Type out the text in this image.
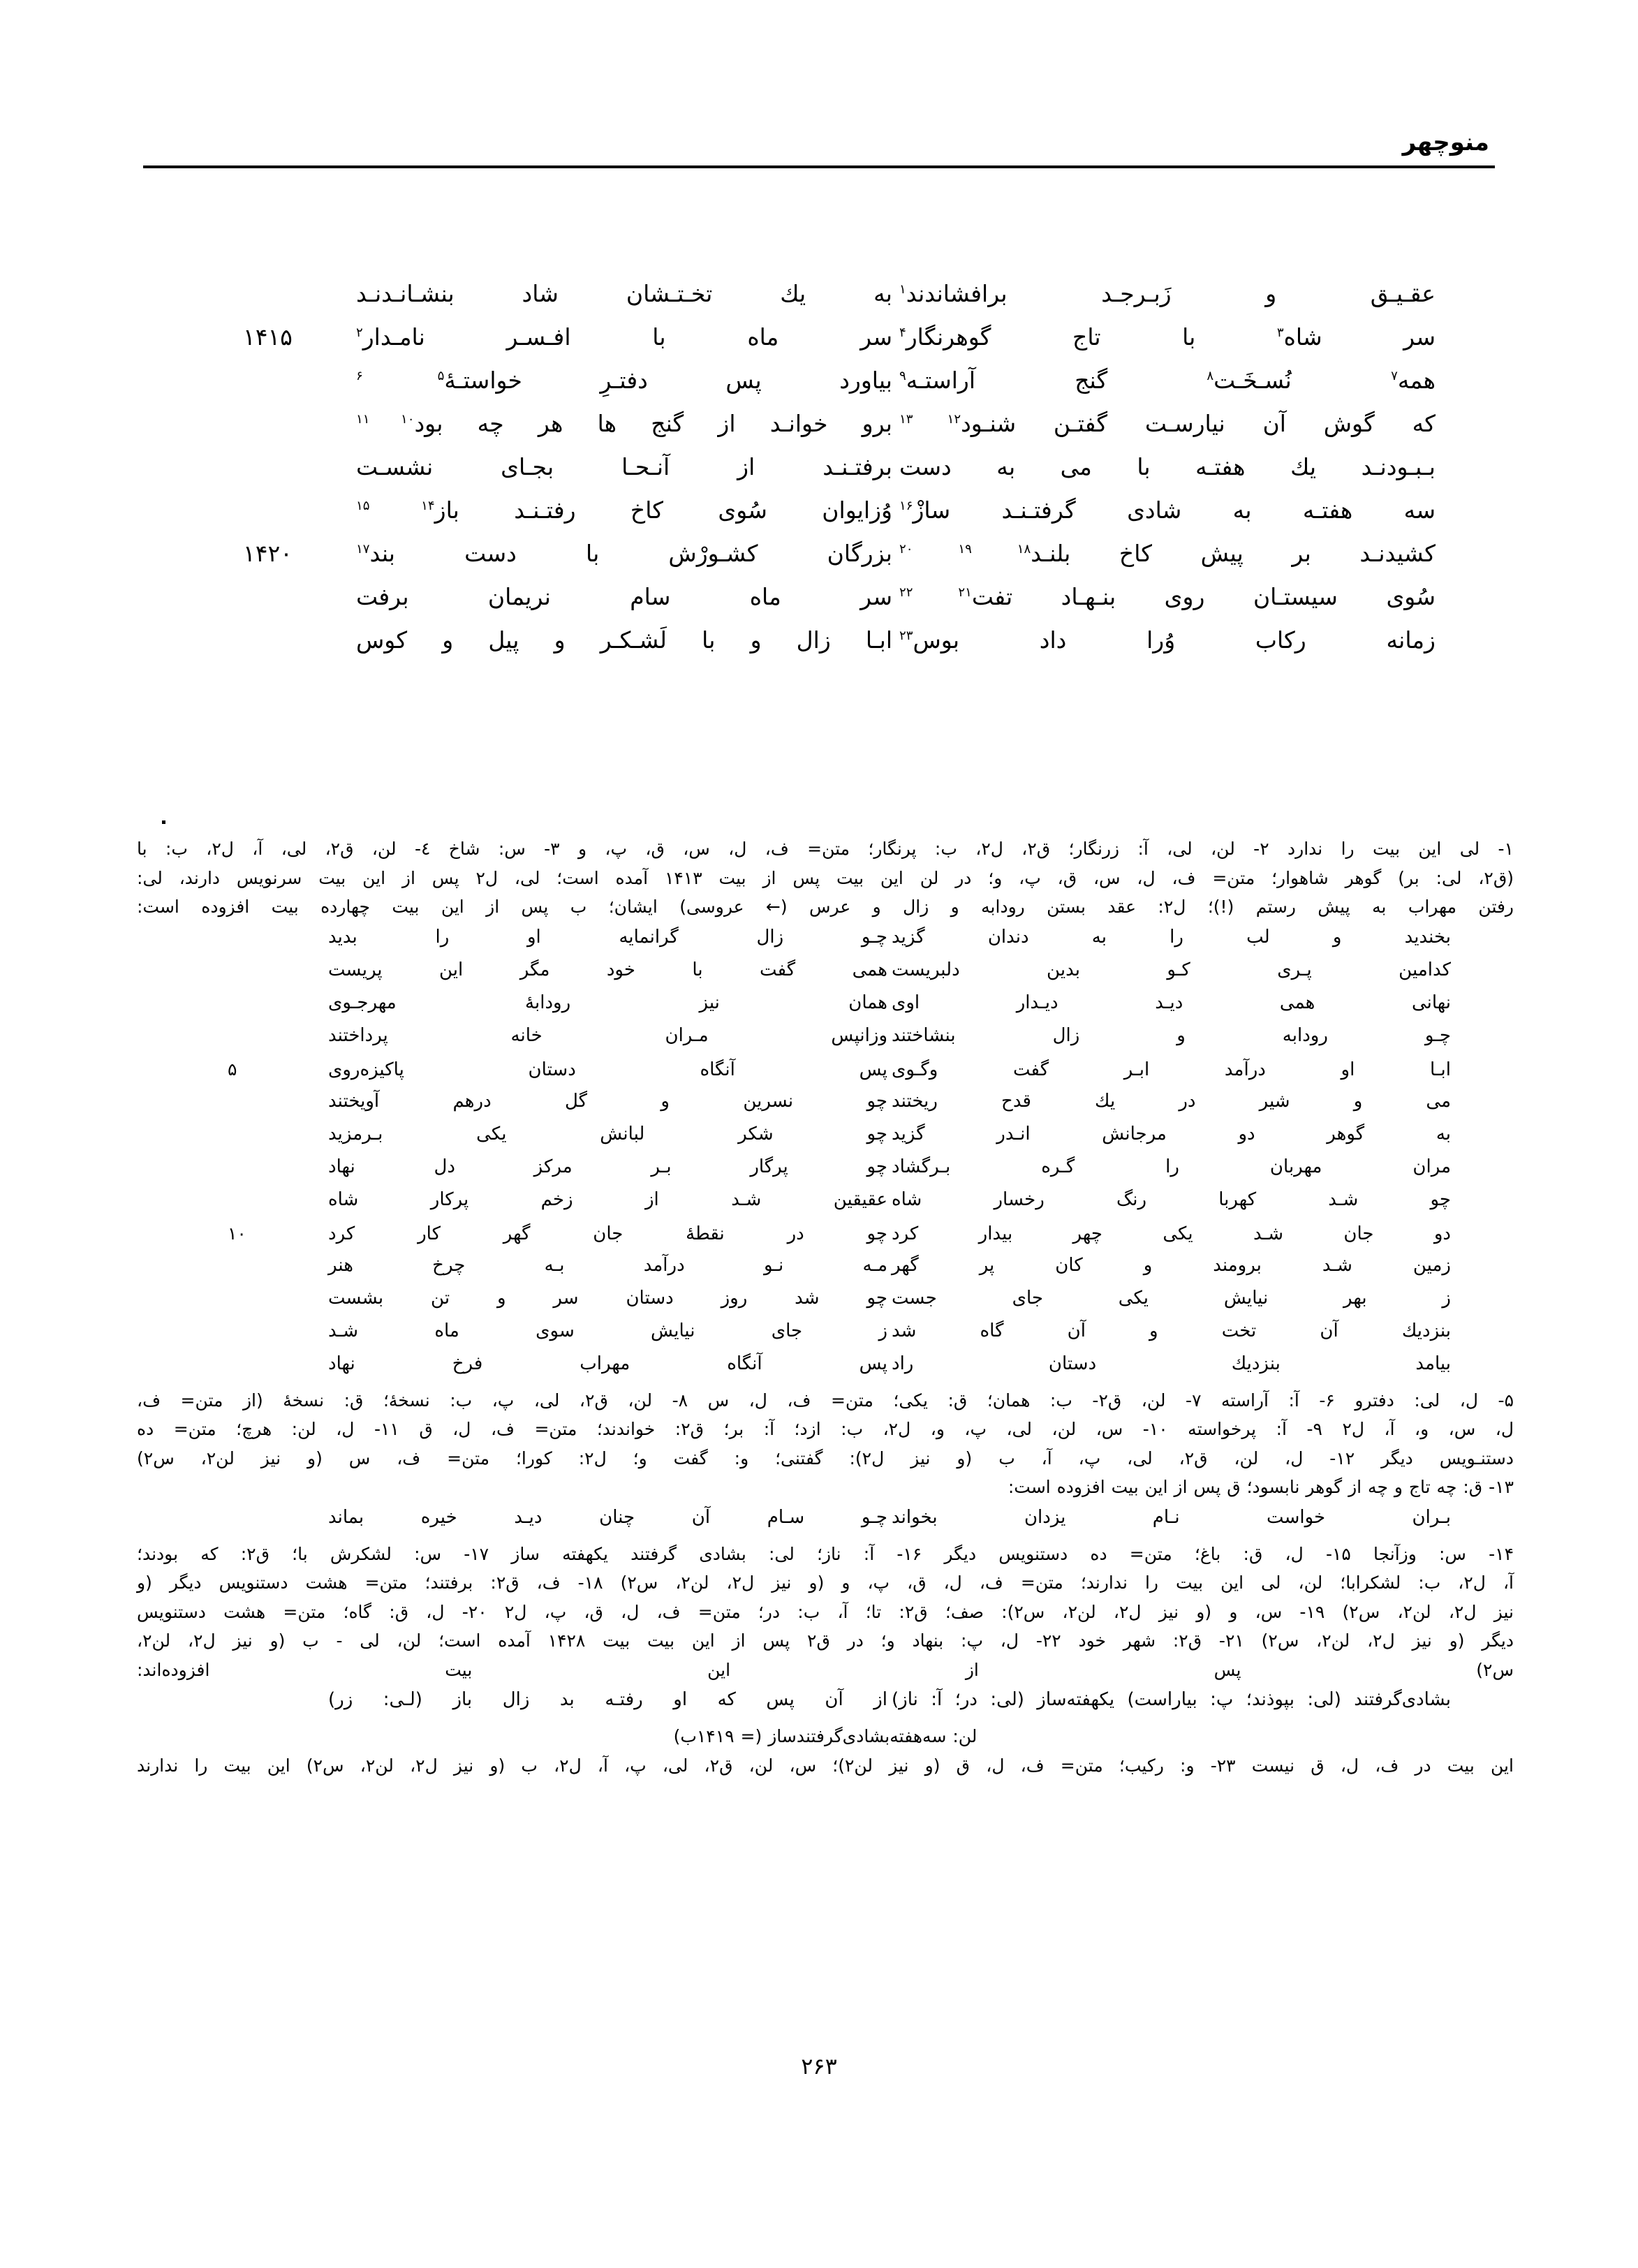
منوچهر
عقـیـق و زَبـرجـد برافشاندند$^۱$
به یك تخـتـشان شاد بنشـانـدنـد
سر شاه$^۳$ با تاج گوهرنگار$^۴$
سر ماه با افـسـر نامـدار$^۲$
۱۴۱۵
همه$^۷$ نُسـخَـت$^۸$ گنج آراستـه$^۹$
بیاورد پس دفتـرِ خواستـهٔ$^{۵ ۶}$
كه گوش آن نیارسـت گفتـن شنـود$^{۱۲ ۱۳}$
برو خوانـد از گنج ها هر چه بود$^{۱۰ ۱۱}$
بـبـودنـد یك هفتـه با می به دست
برفتـنـد از آنـحـا بجـای نشسـت
سه هفتـه به شادی گرفتـنـد سازْ$^{۱۶}$
وُزایوان سُوی كاخ رفتـنـد باز$^{۱۴ ۱۵}$
كشیدنـد بر پیش كاخ بلنـد$^{۱۸ ۱۹ ۲۰}$
بزرگان كشـورْش با دست بند$^{۱۷}$
۱۴۲۰
سُوی سیستـان روی بنـهـاد تفت$^{۲۱ ۲۲}$
سر ماه سام نریمان برفت
زمانه ركاب وُرا داد بوس$^{۲۳}$
ابـا زال و با لَشـكـر و پیل و كوس
۱- لی این بیت را ندارد ۲- لن، لی، آ: زرنگار؛ ق۲، ل۲، ب: پرنگار؛ متن= ف، ل، س، ق، پ، و ۳- س: شاخ ٤- لن، ق۲، لی، آ، ل۲، ب: با
(ق۲، لی: بر) گوهر شاهوار؛ متن= ف، ل، س، ق، پ، و؛ در لن این بیت پس از بیت ۱۴۱۳ آمده است؛ لی، ل۲ پس از این بیت سرنویس دارند، لی:
رفتن مهراب به پیش رستم (!)؛ ل۲: عقد بستن رودابه و زال و عرس (← عروسی) ایشان؛ ب پس از این بیت چهارده بیت افزوده است:
بخندید و لب را به دندان گزید
چـو زال گرانمایه او را بدید
كدامین پـری كـو بدین دلبریست
همی گفت با خود مگر این پریست
نهانی همی دیـد دیـدار اوی
همان نیز رودابهٔ مهرجـوی
چـو رودابه و زال بنشاختند
وزانپس مـران خانه پرداختند
ابـا او درآمد ابـر گفت وگـوی
پس آنگاه دستان پاكیزه‌روی
۵
می و شیر در یك قدح ریختند
چو نسرین و گل درهم آویختند
به گوهر دو مرجانش انـدر گزید
چو شكر لبانش یكی بـرمزید
مران مهربان را گـره بـرگشاد
چو پرگار بـر مركز دل نهاد
چو شـد كهربا رنگ رخسار شاه
عقیقین شـد از زخم پركار شاه
دو جان شـد یكی چهر بیدار كرد
چو در نقطهٔ جان گهر كار كرد
۱۰
زمین شـد برومند و كان پر گهر
مـه نـو درآمد بـه چرخ هنر
ز بهر نیایش یكی جای جست
چو شد روز دستان سر و تن بشست
بنزدیك آن تخت و آن گاه شد
ز جای نیایش سوی ماه شـد
بیامد بنزدیك دستان راد
پس آنگاه مهراب فرخ نهاد
۵- ل، لی: دفترو ۶- آ: آراسته ۷- لن، ق۲- ب: همان؛ ق: یكی؛ متن= ف، ل، س ۸- لن، ق۲، لی، پ، ب: نسخهٔ؛ ق: نسخهٔ (از متن= ف،
ل، س، و، آ، ل۲ ۹- آ: پرخواسته ۱۰- س، لن، لی، پ، و، ل۲، ب: ازد؛ آ: بر؛ ق۲: خواندند؛ متن= ف، ل، ق ۱۱- ل، لن: هرچ؛ متن= ده
دستنـویس دیگر ۱۲- ل، لن، ق۲، لی، پ، آ، ب (و نیز ل۲): گفتنی؛ و: گفت و؛ ل۲: كورا؛ متن= ف، س (و نیز لن۲، س۲)
۱۳- ق: چه تاج و چه از گوهر نابسود؛ ق پس از این بیت افزوده است:
بـران خواست نـام یزدان بخواند
چـو سـام آن چنان دیـد خیره بماند
۱۴- س: وزآنجا ۱۵- ل، ق: باغ؛ متن= ده دستنویس دیگر ۱۶- آ: ناز؛ لی: بشادی گرفتند یكهفته ساز ۱۷- س: لشكرش با؛ ق۲: كه بودند؛
آ، ل۲، ب: لشكرابا؛ لن، لی این بیت را ندارند؛ متن= ف، ل، ق، پ، و (و نیز ل۲، لن۲، س۲) ۱۸- ف، ق۲: برفتند؛ متن= هشت دستنویس دیگر (و
نیز ل۲، لن۲، س۲) ۱۹- س، و (و نیز ل۲، لن۲، س۲): صف؛ ق۲: تا؛ آ، ب: در؛ متن= ف، ل، ق، پ، ل۲ ۲۰- ل، ق: گاه؛ متن= هشت دستنویس
دیگر (و نیز ل۲، لن۲، س۲) ۲۱- ق۲: شهر خود ۲۲- ل، پ: بنهاد و؛ در ق۲ پس از این بیت بیت ۱۴۲۸ آمده است؛ لن، لی - ب (و نیز ل۲، لن۲،
س۲) پس از این بیت افزوده‌اند:
بشادی‌گرفتند (لی: بپوذند؛ پ: بیاراست) یكهفته‌ساز (لی: در؛ آ: ناز)
از آن پس كه او رفتـه بد زال باز (لـی: زر)
لن: سه‌هفته‌بشادی‌گرفتندساز (= ۱۴۱۹ب)
این بیت در ف، ل، ق نیست ۲۳- و: ركیب؛ متن= ف، ل، ق (و نیز لن۲)؛ س، لن، ق۲، لی، پ، آ، ل۲، ب (و نیز ل۲، لن۲، س۲) این بیت را ندارند
۲۶۳
